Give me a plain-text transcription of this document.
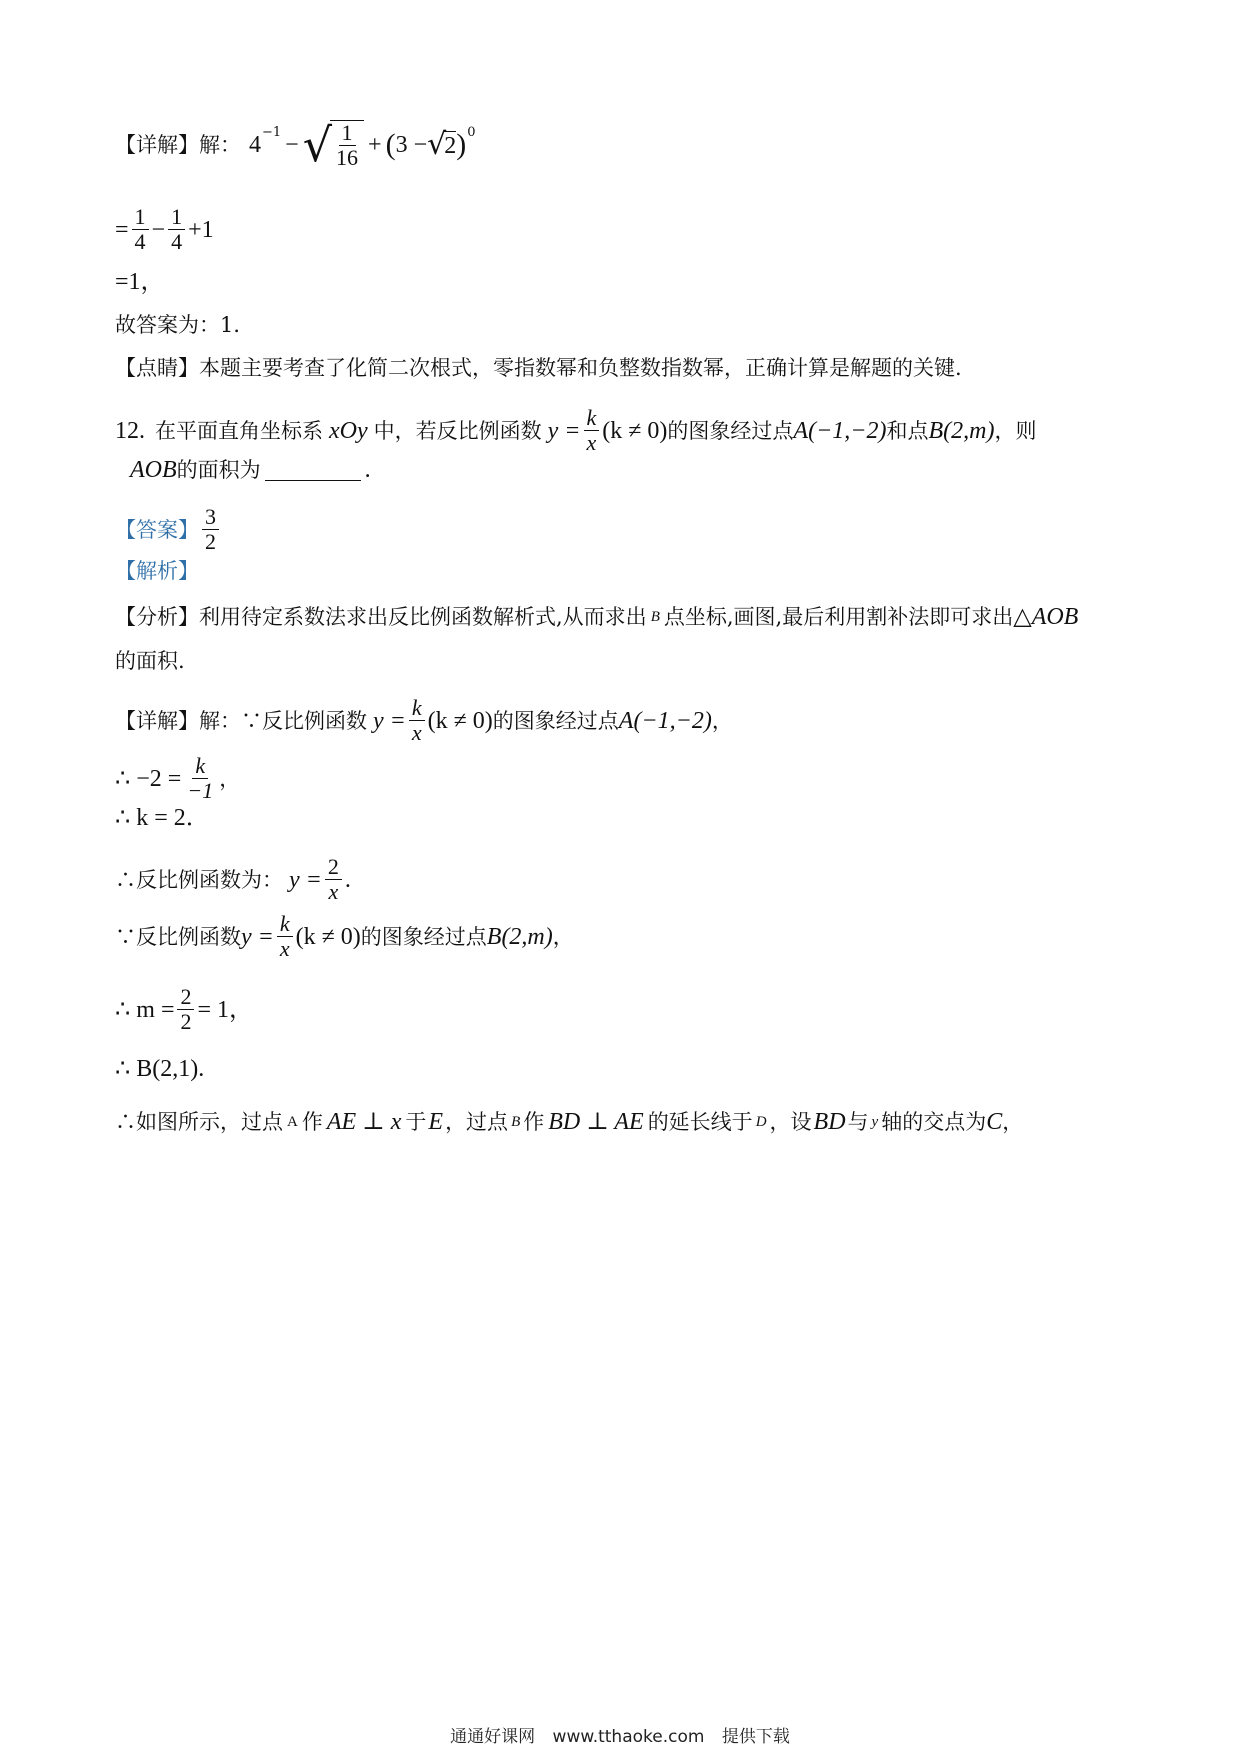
【详解】 解： 4 −1 − √ $\frac{1}{16}$ + ( 3 − √
2 ) 0
= $\frac{1}{4} - \frac{1}{4} +1$
=1，
故答案为：1．
【点睛】 本题主要考查了化简二次根式，零指数幂和负整数指数幂，正确计算是解题的关键.
12. 在平面直角坐标系 xOy 中，若反比例函数 $y = \frac{k}{x} (k \ne 0)$ 的图象经过点 A(−1,−2) 和点 B(2,m) ，则
AOB 的面积为	.
【答案】 $\frac{3}{2}$
【解析】
【分析】 利用待定系数法求出反比例函数解析式,从而求出 B 点坐标,画图,最后利用割补法即可求出 △ AOB
的面积.
【详解】 解：∵反比例函数 $y = \frac{k}{x} (k \ne 0)$ 的图象经过点 A(−1,−2) ，
∴ $-2 = \frac{k}{-1}$ ，
∴ k = 2．
∴反比例函数为： $y = \frac{2}{x}$ .
∵反比例函数 $y = \frac{k}{x} (k \ne 0)$ 的图象经过点 B(2,m) ，
∴ $m = \frac{2}{2} = 1$，
∴ B(2,1).
∴如图所示，过点 A 作 AE ⊥ x 于 E ，过点 B 作 BD ⊥ AE 的延长线于 D ，设 BD 与 y 轴的交点为 C ，
通通好课网 www.tthaoke.com 提供下载
